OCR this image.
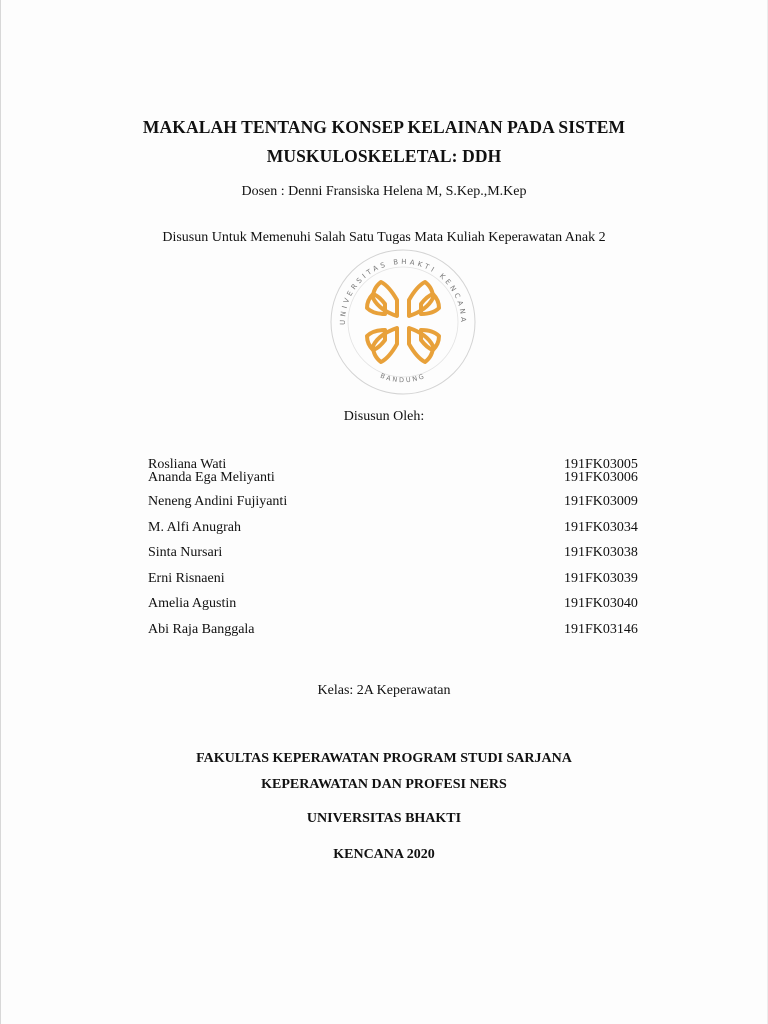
MAKALAH TENTANG KONSEP KELAINAN PADA SISTEM
MUSKULOSKELETAL: DDH
Dosen : Denni Fransiska Helena M, S.Kep.,M.Kep
Disusun Untuk Memenuhi Salah Satu Tugas Mata Kuliah Keperawatan Anak 2
UNIVERSITAS BHAKTI KENCANA
BANDUNG
Disusun Oleh:
Rosliana Wati	191FK03005
Ananda Ega Meliyanti	191FK03006
Neneng Andini Fujiyanti	191FK03009
M. Alfi Anugrah	191FK03034
Sinta Nursari	191FK03038
Erni Risnaeni	191FK03039
Amelia Agustin	191FK03040
Abi Raja Banggala	191FK03146
Kelas: 2A Keperawatan
FAKULTAS KEPERAWATAN PROGRAM STUDI SARJANA
KEPERAWATAN DAN PROFESI NERS
UNIVERSITAS BHAKTI
KENCANA 2020
